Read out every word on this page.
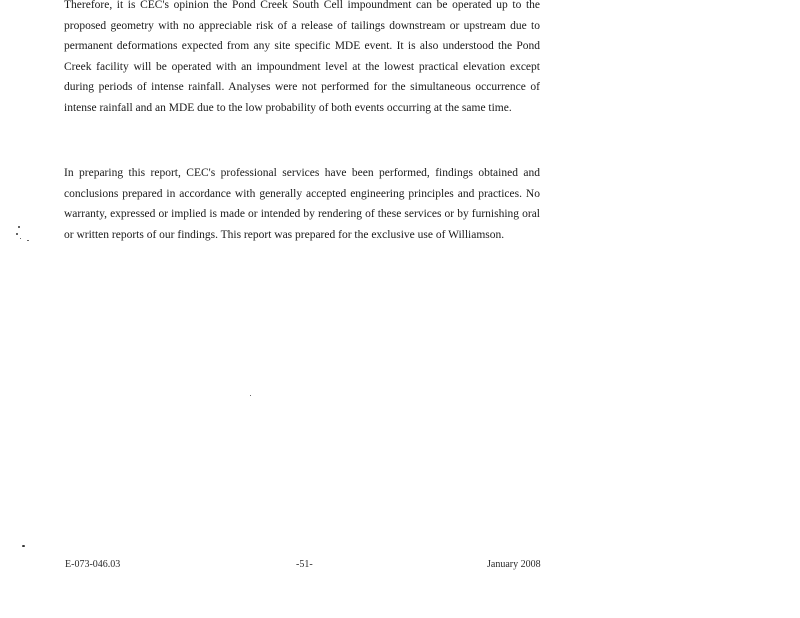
Therefore, it is CEC's opinion the Pond Creek South Cell impoundment can be operated up to the proposed geometry with no appreciable risk of a release of tailings downstream or upstream due to permanent deformations expected from any site specific MDE event. It is also understood the Pond Creek facility will be operated with an impoundment level at the lowest practical elevation except during periods of intense rainfall. Analyses were not performed for the simultaneous occurrence of intense rainfall and an MDE due to the low probability of both events occurring at the same time.

In preparing this report, CEC's professional services have been performed, findings obtained and conclusions prepared in accordance with generally accepted engineering principles and practices. No warranty, expressed or implied is made or intended by rendering of these services or by furnishing oral or written reports of our findings. This report was prepared for the exclusive use of Williamson.

E-073-046.03	-51-	January 2008
